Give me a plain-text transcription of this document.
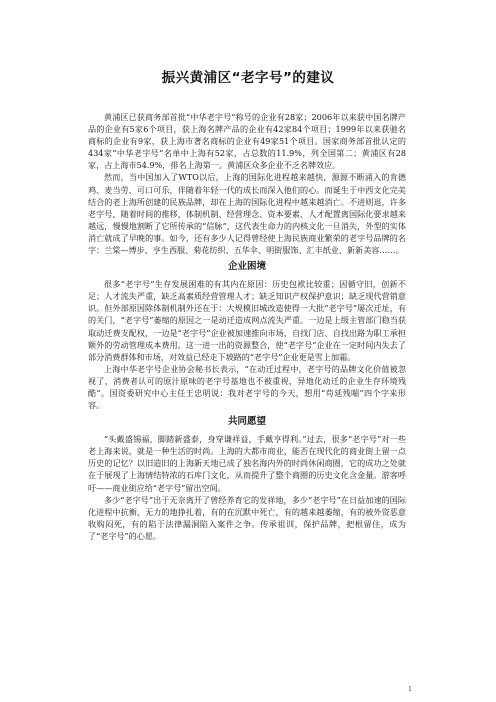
振兴黄浦区“老字号”的建议

黄浦区已获商务部首批“中华老字号”称号的企业有28家；2006年以来获中国名牌产品的企业有5家6个项目，获上海名牌产品的企业有42家84个项目；1999年以来获驰名商标的企业有9家，获上海市著名商标的企业有49家51个项目。国家商务部首批认定的434家“中华老字号”名单中上海有52家，占总数的11.9%，列全国第二；黄浦区有28家，占上海市54.9%，排名上海第一。黄浦区众多企业不乏名牌效应。

然而，当中国加入了WTO以后，上海的国际化进程越来越快，源源不断涌入的肯德鸡、麦当劳、可口可乐，伴随着年轻一代的成长而深入他们的心。而诞生于中西文化完美结合的老上海所创建的民族品牌，却在上海的国际化进程中越来越消亡。不进则退，许多老字号，随着时间的推移，体制机制、经营理念、资本要素、人才配置离国际化要求越来越远，慢慢地割断了它所传承的“信脉”，这代表生命力的内核文化一旦消失，外型的实体消亡就成了早晚的事。如今，还有多少人记得曾经使上海民族商业繁荣的老字号品牌的名字：兰棠—博步、亨生西服、菊花纺织、五华伞、明街服饰、汇丰纸业、新新美容……。

企业困境

很多“老字号”生存发展困难的有其内在原因：历史包袱比较重；因循守旧，创新不足；人才流失严重，缺乏高素质经营管理人才；缺乏知识产权保护意识；缺乏现代营销意识。但外部原因除体制机制外还在于：大规模旧城改造使得一大批“老字号”屡次迁址，有的关门，“老字号”萎缩的原因之一是动迁造成网点流失严重。一边是上级主管部门稳当获取动迁费支配权，一边是“老字号”企业被加速推向市场，自找门店、自找出路为职工承担额外的劳动管理成本费用。这一进一出的资源整合，使“老字号”企业在一定时间内失去了部分消费群体和市场，对效益已经走下坡路的“老字号”企业更是雪上加霜。

上海中华老字号企业协会秘书长表示，“在动迁过程中，老字号的品牌文化价值被忽视了，消费者认可的原汁原味的老字号基地也不被重视，异地化动迁的企业生存环境残酷”。国资委研究中心主任王忠明说：我对老字号的今天，想用“苟延残喘”四个字来形容。

共同愿望

“头戴盛锡福，脚踏新盛泰，身穿谦祥益，手戴亨得利。”过去，很多“老字号”对一些老上海来说，就是一种生活的时尚。上海的大都市商业，能否在现代化的商业街上留一点历史的记忆？以旧造旧的上海新天地已成了独名海内外的时尚休闲商圈，它的成功之处就在于展现了上海情结特浓的石库门文化，从而提升了整个商圈的历史文化含金量。游客呼吁——商业街应给“老字号”留出空间。

多少“老字号”出于无奈离开了曾经养育它的发祥地，多少“老字号”在日益加速的国际化进程中抗衡，无力的地挣扎着，有的在沉默中死亡，有的越来越萎缩，有的被外资恶意收购闷死，有的陷于法律漏洞陷入案件之争。传承祖训，保护品牌，把根留住，成为了“老字号”的心愿。

1
